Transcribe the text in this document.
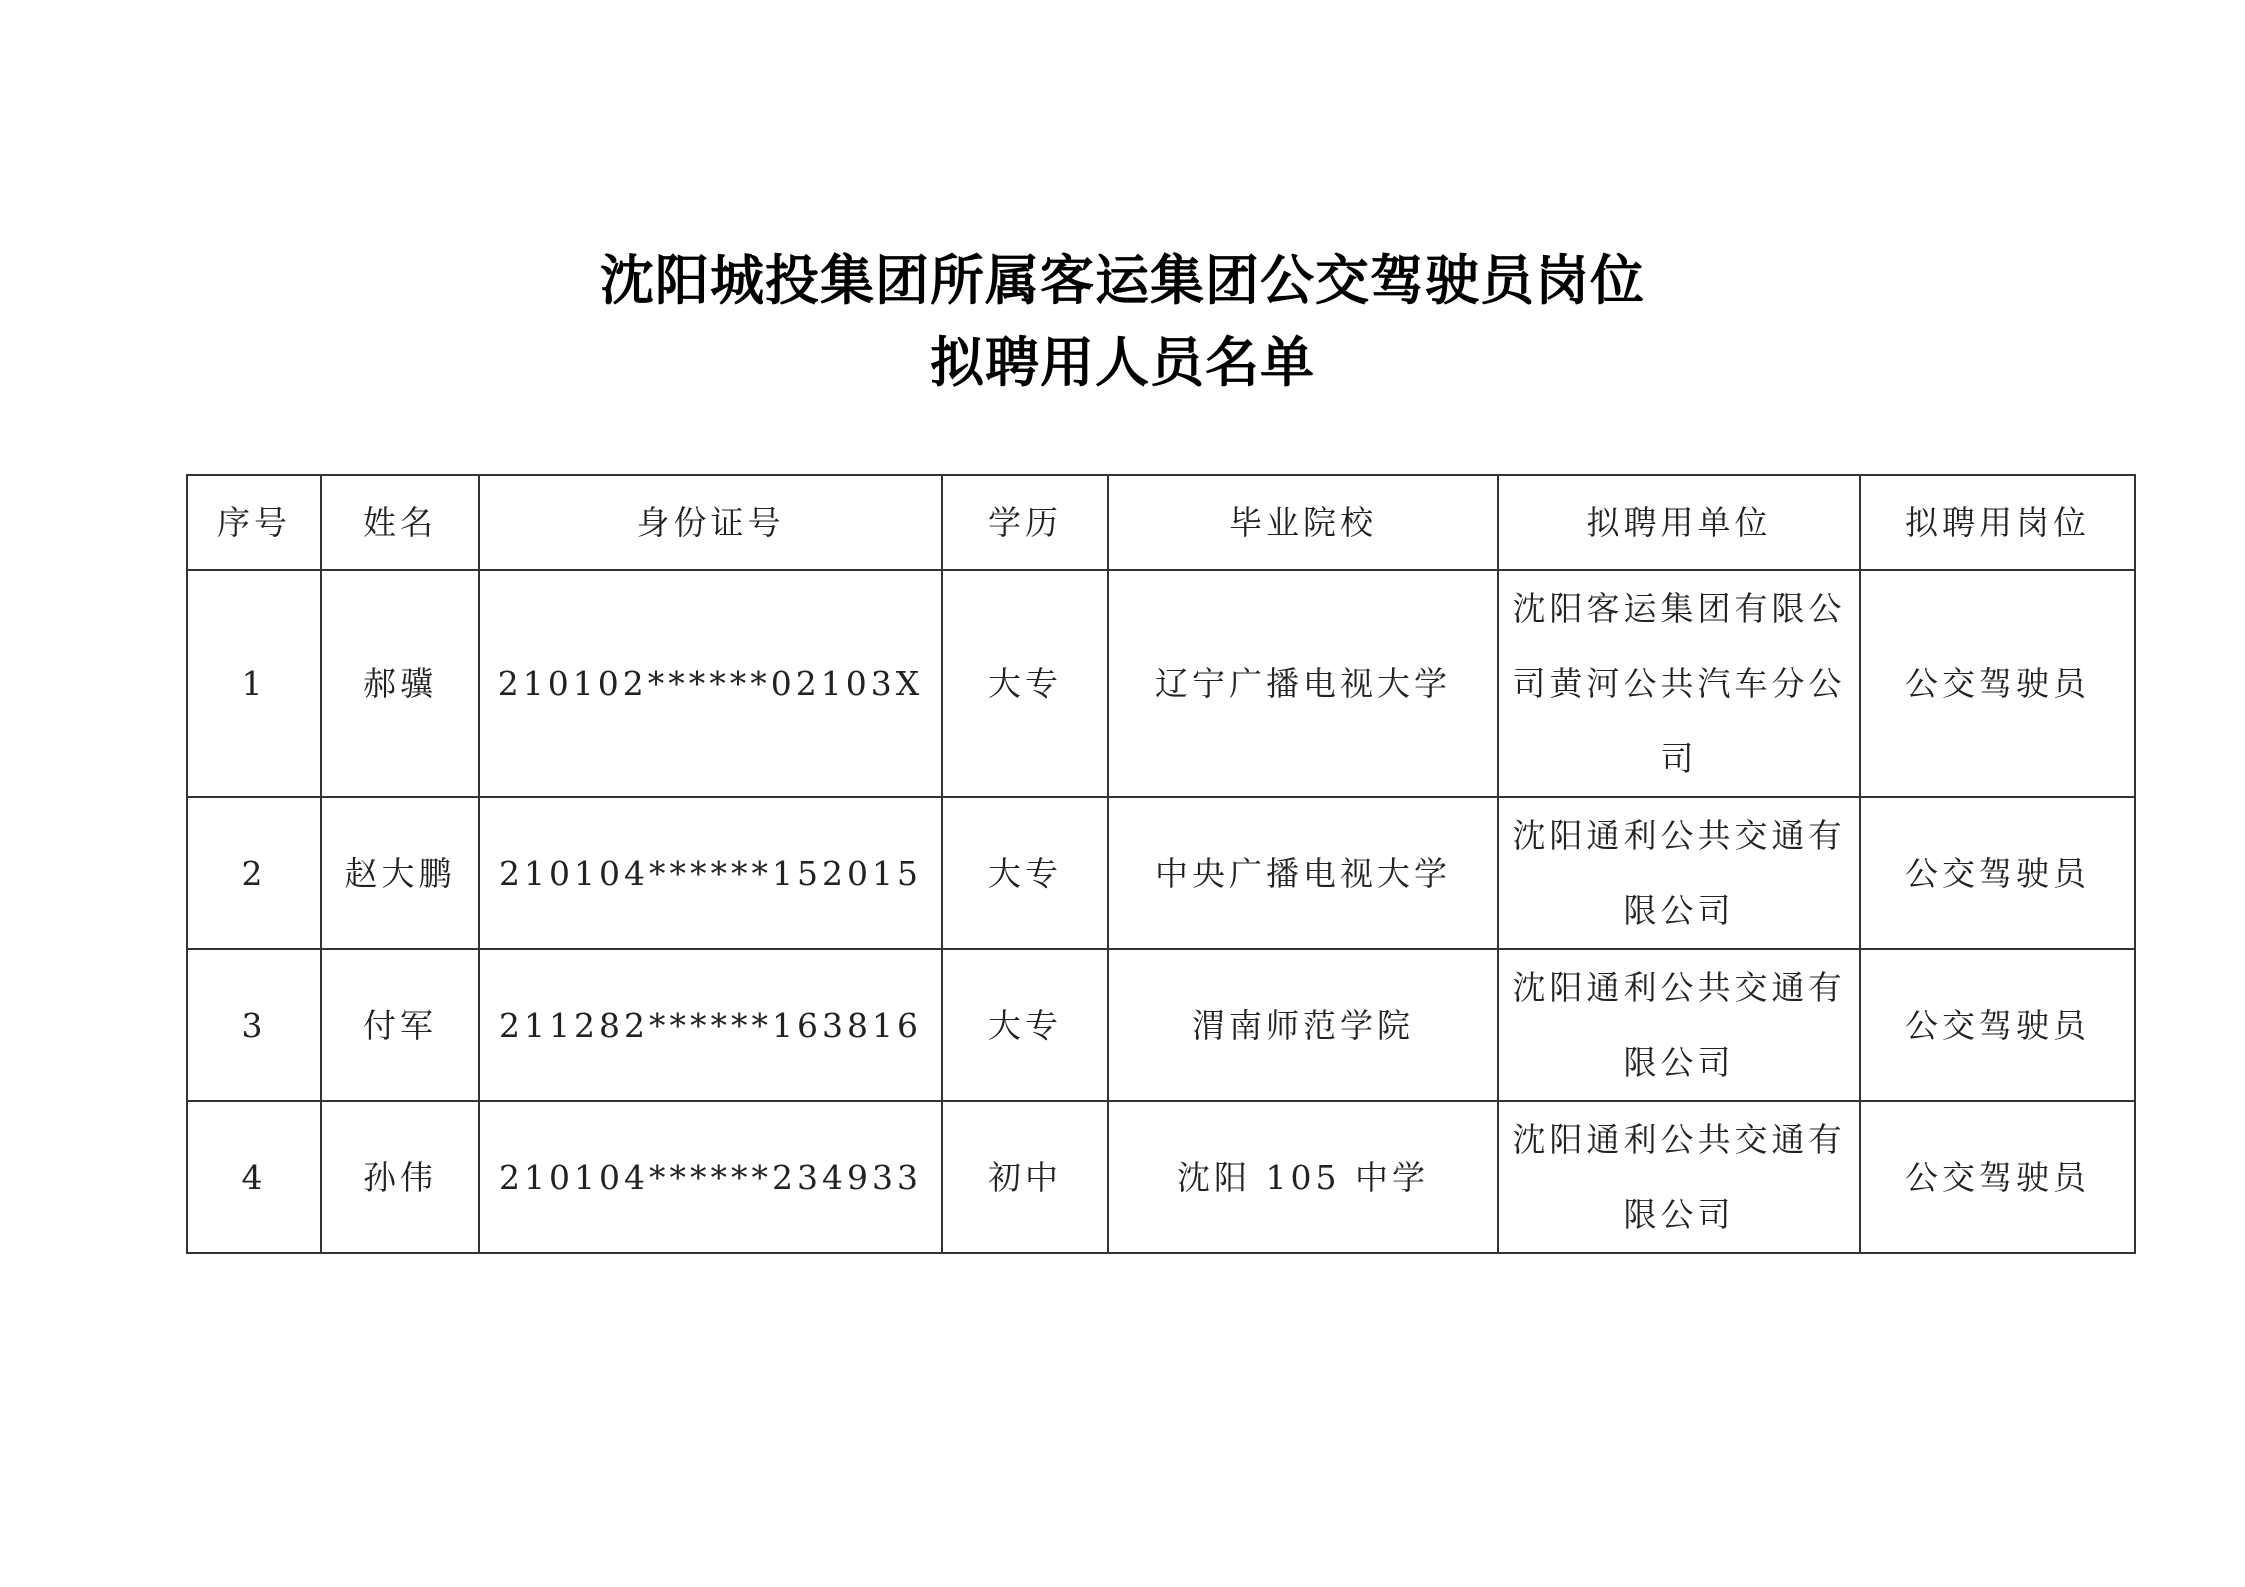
沈阳城投集团所属客运集团公交驾驶员岗位
拟聘用人员名单
序号	姓名	身份证号	学历	毕业院校	拟聘用单位	拟聘用岗位
1	郝骥	210102******02103X	大专	辽宁广播电视大学	沈阳客运集团有限公司黄河公共汽车分公司	公交驾驶员
2	赵大鹏	210104******152015	大专	中央广播电视大学	沈阳通利公共交通有限公司	公交驾驶员
3	付军	211282******163816	大专	渭南师范学院	沈阳通利公共交通有限公司	公交驾驶员
4	孙伟	210104******234933	初中	沈阳 105 中学	沈阳通利公共交通有限公司	公交驾驶员
